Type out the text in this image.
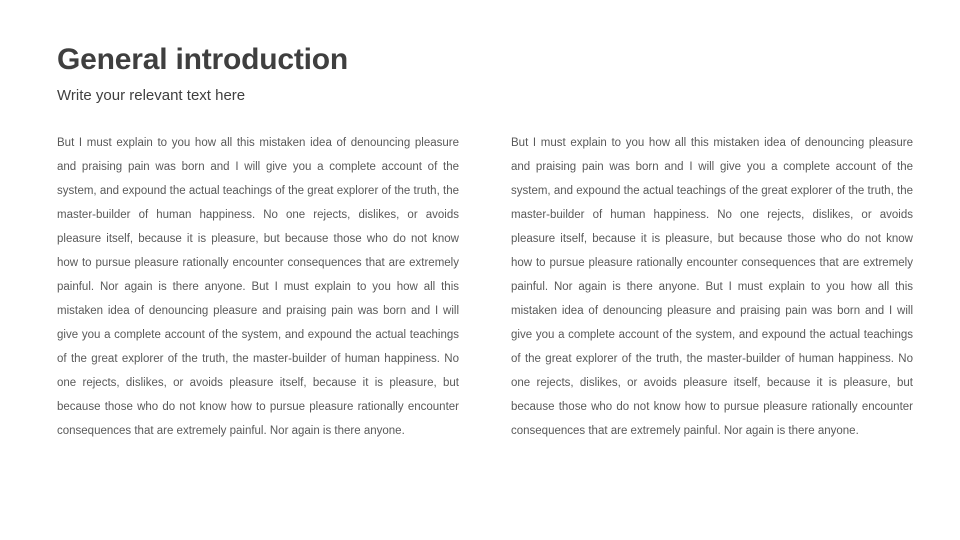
General introduction
Write your relevant text here

But I must explain to you how all this mistaken idea of denouncing pleasure and praising pain was born and I will give you a complete account of the system, and expound the actual teachings of the great explorer of the truth, the master-builder of human happiness. No one rejects, dislikes, or avoids pleasure itself, because it is pleasure, but because those who do not know how to pursue pleasure rationally encounter consequences that are extremely painful. Nor again is there anyone. But I must explain to you how all this mistaken idea of denouncing pleasure and praising pain was born and I will give you a complete account of the system, and expound the actual teachings of the great explorer of the truth, the master-builder of human happiness. No one rejects, dislikes, or avoids pleasure itself, because it is pleasure, but because those who do not know how to pursue pleasure rationally encounter consequences that are extremely painful. Nor again is there anyone.

But I must explain to you how all this mistaken idea of denouncing pleasure and praising pain was born and I will give you a complete account of the system, and expound the actual teachings of the great explorer of the truth, the master-builder of human happiness. No one rejects, dislikes, or avoids pleasure itself, because it is pleasure, but because those who do not know how to pursue pleasure rationally encounter consequences that are extremely painful. Nor again is there anyone. But I must explain to you how all this mistaken idea of denouncing pleasure and praising pain was born and I will give you a complete account of the system, and expound the actual teachings of the great explorer of the truth, the master-builder of human happiness. No one rejects, dislikes, or avoids pleasure itself, because it is pleasure, but because those who do not know how to pursue pleasure rationally encounter consequences that are extremely painful. Nor again is there anyone.
